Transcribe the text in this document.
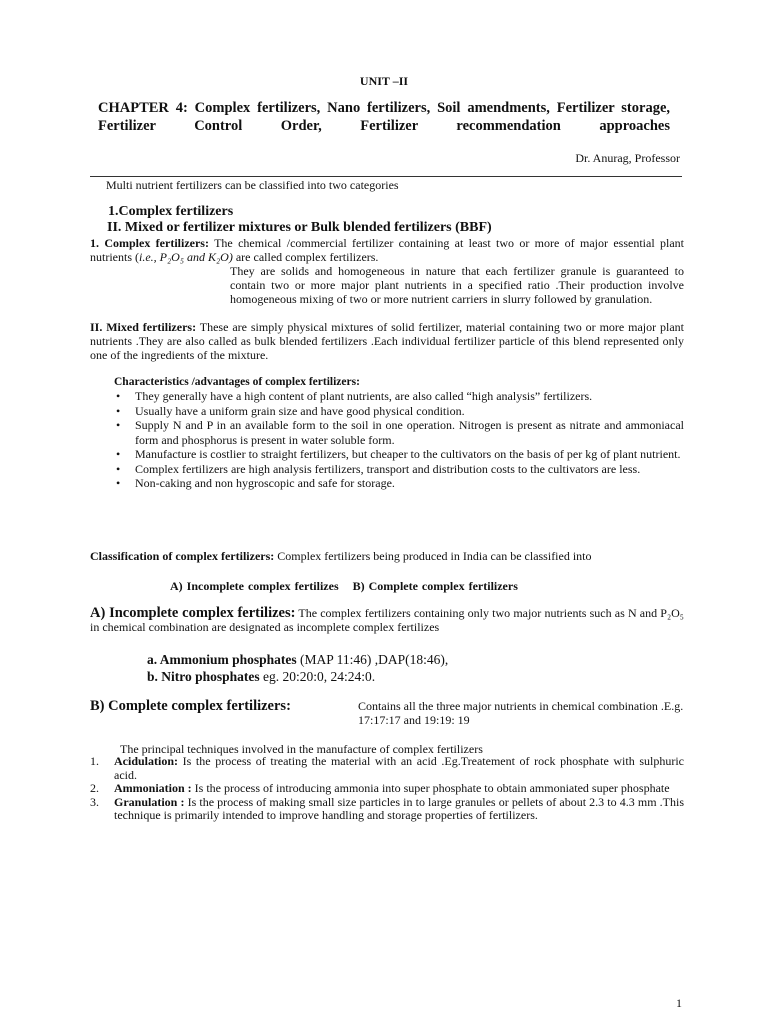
UNIT –II
CHAPTER 4: Complex fertilizers, Nano fertilizers, Soil amendments, Fertilizer storage, Fertilizer Control Order, Fertilizer recommendation approaches
Dr. Anurag, Professor
Multi nutrient fertilizers can be classified into two categories
1.Complex fertilizers
II. Mixed or fertilizer mixtures or Bulk blended fertilizers (BBF)
1. Complex fertilizers: The chemical /commercial fertilizer containing at least two or more of major essential plant nutrients (i.e., P₂O₅ and K₂O) are called complex fertilizers.
They are solids and homogeneous in nature that each fertilizer granule is guaranteed to contain two or more major plant nutrients in a specified ratio .Their production involve homogeneous mixing of two or more nutrient carriers in slurry followed by granulation.
II. Mixed fertilizers: These are simply physical mixtures of solid fertilizer, material containing two or more major plant nutrients .They are also called as bulk blended fertilizers .Each individual fertilizer particle of this blend represented only one of the ingredients of the mixture.
Characteristics /advantages of complex fertilizers:
• They generally have a high content of plant nutrients, are also called “high analysis” fertilizers.
• Usually have a uniform grain size and have good physical condition.
• Supply N and P in an available form to the soil in one operation. Nitrogen is present as nitrate and ammoniacal form and phosphorus is present in water soluble form.
• Manufacture is costlier to straight fertilizers, but cheaper to the cultivators on the basis of per kg of plant nutrient.
• Complex fertilizers are high analysis fertilizers, transport and distribution costs to the cultivators are less.
• Non-caking and non hygroscopic and safe for storage.
Classification of complex fertilizers: Complex fertilizers being produced in India can be classified into
A) Incomplete complex fertilizes B) Complete complex fertilizers
A) Incomplete complex fertilizes: The complex fertilizers containing only two major nutrients such as N and P₂O₅ in chemical combination are designated as incomplete complex fertilizes
a. Ammonium phosphates (MAP 11:46) ,DAP(18:46),
b. Nitro phosphates eg. 20:20:0, 24:24:0.
B) Complete complex fertilizers:	Contains all the three major nutrients in chemical combination .E.g. 17:17:17 and 19:19: 19
The principal techniques involved in the manufacture of complex fertilizers
1. Acidulation: Is the process of treating the material with an acid .Eg.Treatement of rock phosphate with sulphuric acid.
2. Ammoniation : Is the process of introducing ammonia into super phosphate to obtain ammoniated super phosphate
3. Granulation : Is the process of making small size particles in to large granules or pellets of about 2.3 to 4.3 mm .This technique is primarily intended to improve handling and storage properties of fertilizers.
1
